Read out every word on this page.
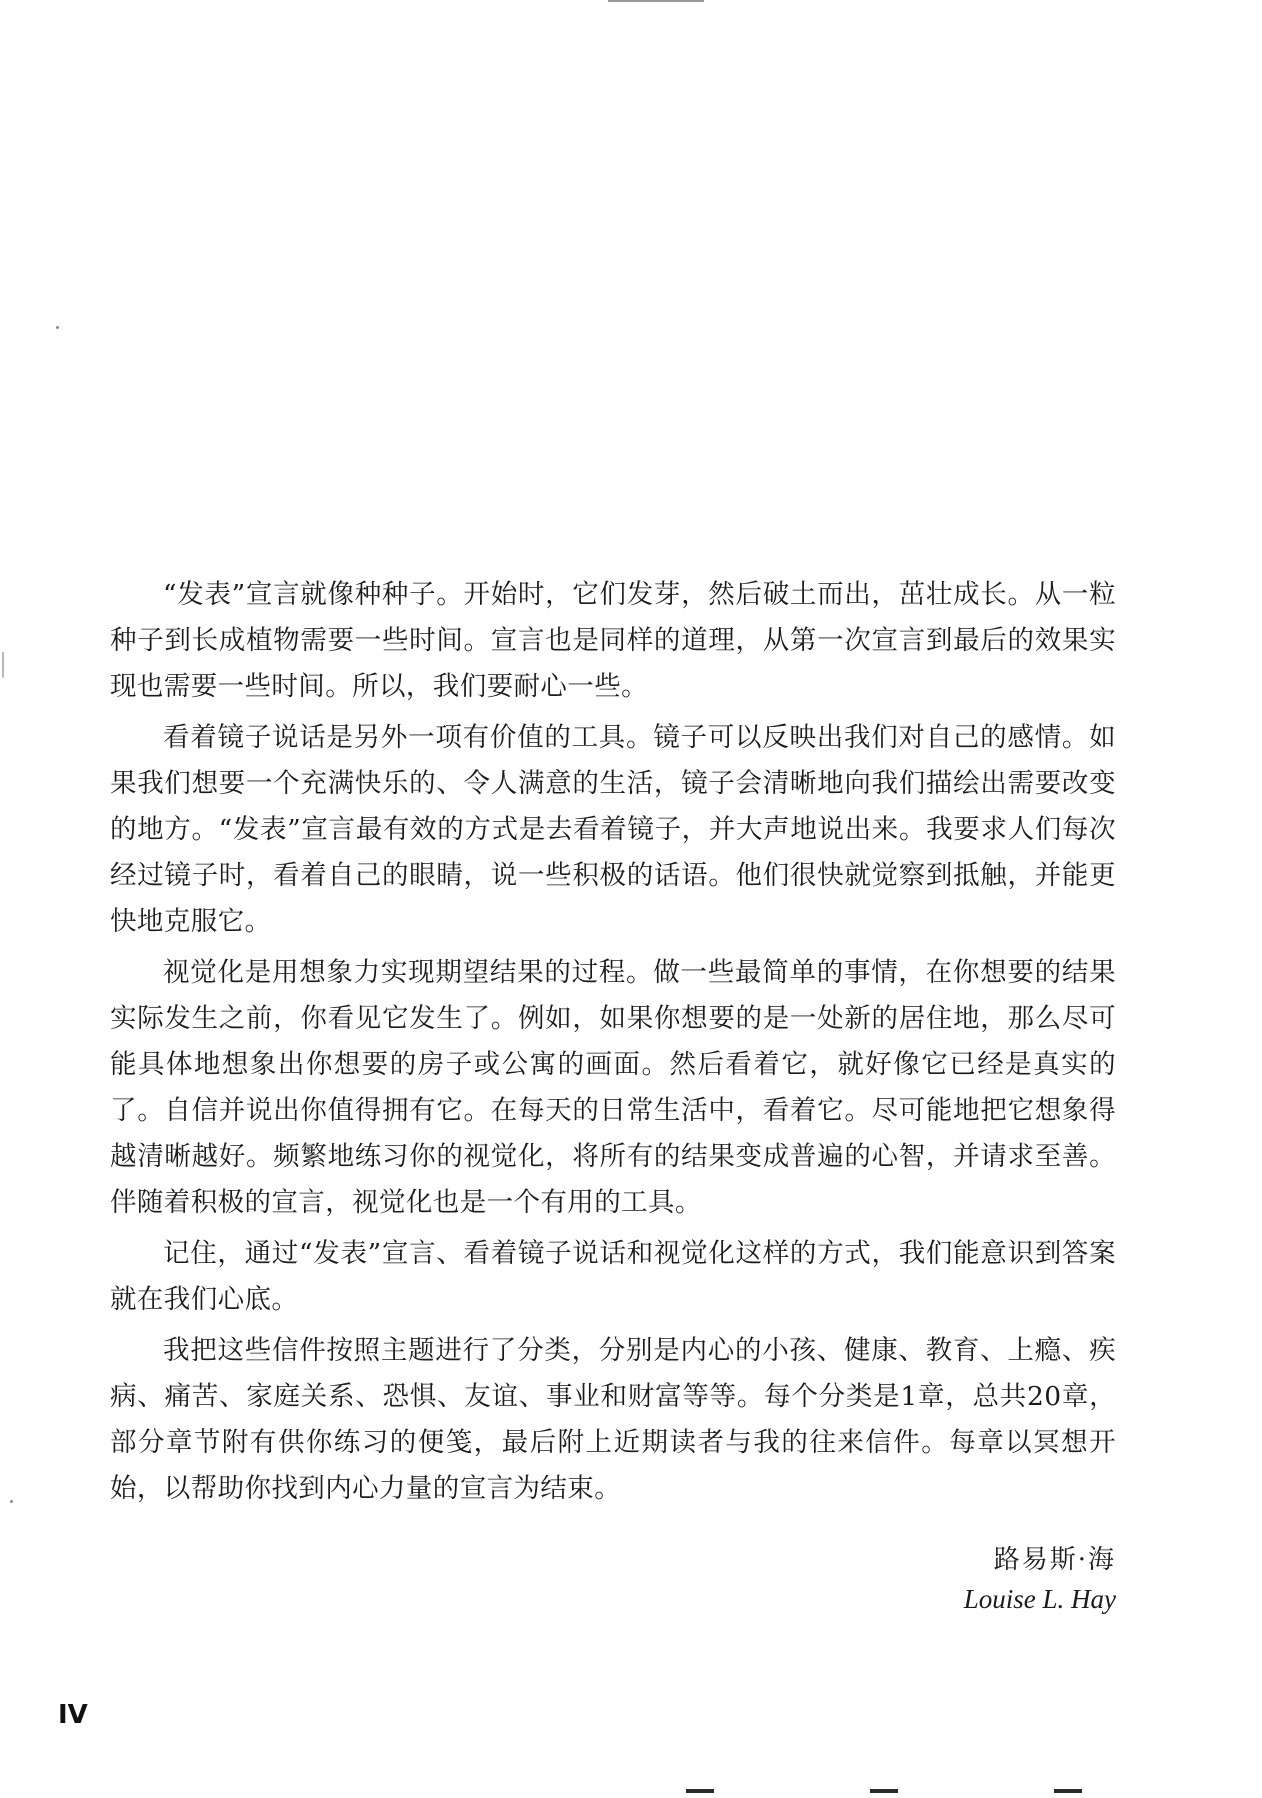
“发表”宣言就像种种子。开始时，它们发芽，然后破土而出，茁壮成长。从一粒种子到长成植物需要一些时间。宣言也是同样的道理，从第一次宣言到最后的效果实现也需要一些时间。所以，我们要耐心一些。

看着镜子说话是另外一项有价值的工具。镜子可以反映出我们对自己的感情。如果我们想要一个充满快乐的、令人满意的生活，镜子会清晰地向我们描绘出需要改变的地方。“发表”宣言最有效的方式是去看着镜子，并大声地说出来。我要求人们每次经过镜子时，看着自己的眼睛，说一些积极的话语。他们很快就觉察到抵触，并能更快地克服它。

视觉化是用想象力实现期望结果的过程。做一些最简单的事情，在你想要的结果实际发生之前，你看见它发生了。例如，如果你想要的是一处新的居住地，那么尽可能具体地想象出你想要的房子或公寓的画面。然后看着它，就好像它已经是真实的了。自信并说出你值得拥有它。在每天的日常生活中，看着它。尽可能地把它想象得越清晰越好。频繁地练习你的视觉化，将所有的结果变成普遍的心智，并请求至善。伴随着积极的宣言，视觉化也是一个有用的工具。

记住，通过“发表”宣言、看着镜子说话和视觉化这样的方式，我们能意识到答案就在我们心底。

我把这些信件按照主题进行了分类，分别是内心的小孩、健康、教育、上瘾、疾病、痛苦、家庭关系、恐惧、友谊、事业和财富等等。每个分类是1章，总共20章，部分章节附有供你练习的便笺，最后附上近期读者与我的往来信件。每章以冥想开始，以帮助你找到内心力量的宣言为结束。

路易斯·海
Louise L. Hay
IV
